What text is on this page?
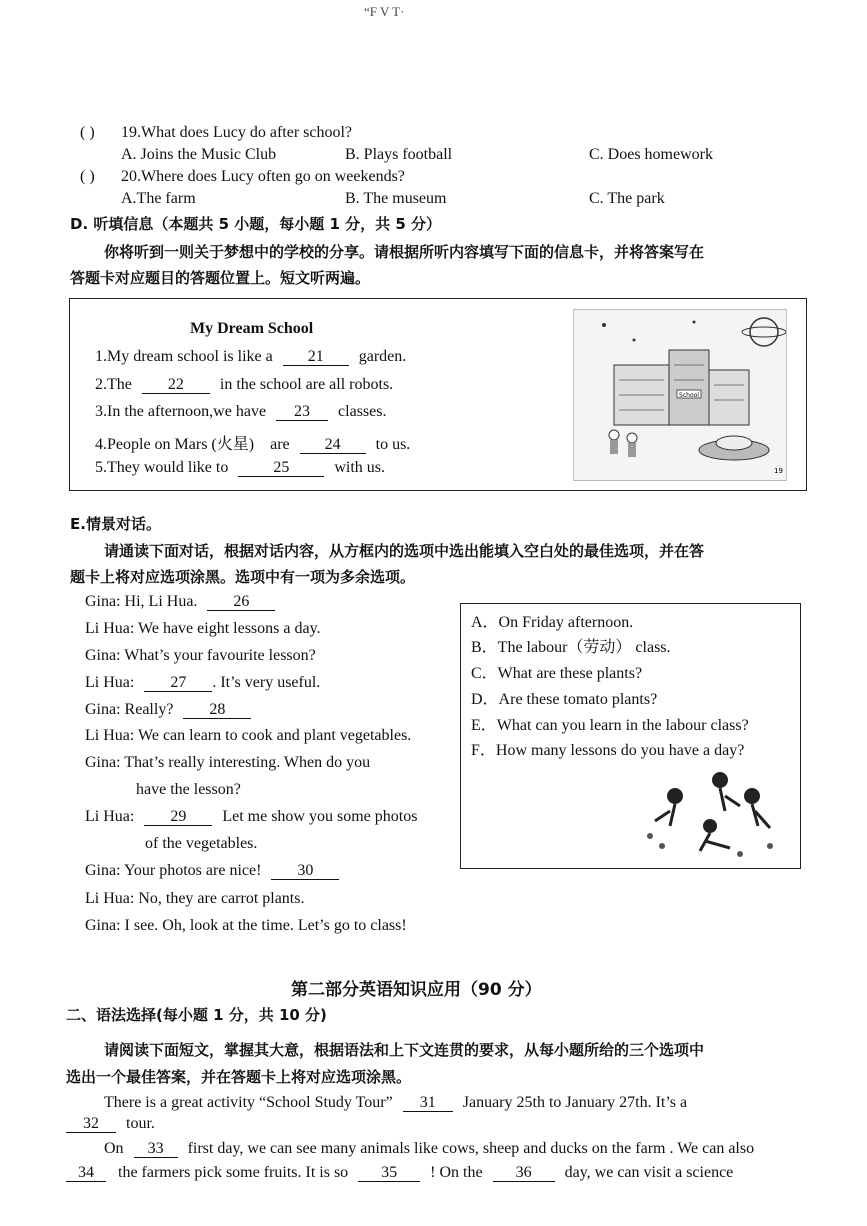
“F V T·
( ) 19.What does Lucy do after school?
A. Joins the Music Club	B. Plays football	C. Does homework
( ) 20.Where does Lucy often go on weekends?
A.The farm	B. The museum	C. The park
D. 听填信息（本题共 5 小题，每小题 1 分，共 5 分）
你将听到一则关于梦想中的学校的分享。请根据所听内容填写下面的信息卡，并将答案写在
答题卡对应题目的答题位置上。短文听两遍。
My Dream School
1.My dream school is like a 21 garden.
2.The 22 in the school are all robots.
3.In the afternoon,we have 23 classes.
4.People on Mars (火星) are 24 to us.
5.They would like to	25	with us.
School
19
E.情景对话。
请通读下面对话，根据对话内容，从方框内的选项中选出能填入空白处的最佳选项，并在答
题卡上将对应选项涂黑。选项中有一项为多余选项。
Gina: Hi, Li Hua. 26
Li Hua: We have eight lessons a day.
Gina: What’s your favourite lesson?
Li Hua: 27 . It’s very useful.
Gina: Really? 28
Li Hua: We can learn to cook and plant vegetables.
Gina: That’s really interesting. When do you
have the lesson?
Li Hua: 29 Let me show you some photos
of the vegetables.
Gina: Your photos are nice! 30
Li Hua: No, they are carrot plants.
Gina: I see. Oh, look at the time. Let’s go to class!
A．On Friday afternoon.
B．The labour（劳动） class.
C．What are these plants?
D．Are these tomato plants?
E．What can you learn in the labour class?
F．How many lessons do you have a day?
第二部分英语知识应用（90 分）
二、语法选择(每小题 1 分，共 10 分)
请阅读下面短文，掌握其大意，根据语法和上下文连贯的要求，从每小题所给的三个选项中
选出一个最佳答案，并在答题卡上将对应选项涂黑。
There is a great activity “School Study Tour” 31 January 25th to January 27th. It’s a
32 tour.
On 33 first day, we can see many animals like cows, sheep and ducks on the farm . We can also
34 the farmers pick some fruits. It is so 35 ! On the 36 day, we can visit a science
